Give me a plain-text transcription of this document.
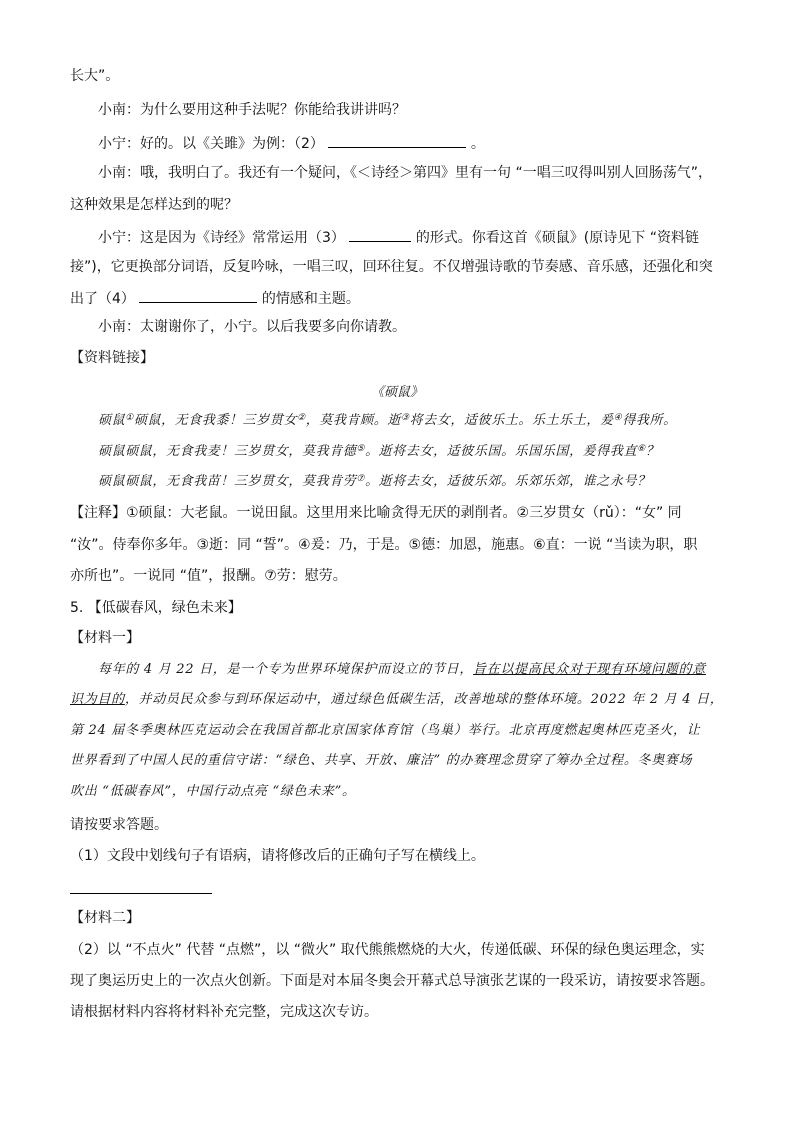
长大”。
小南：为什么要用这种手法呢？你能给我讲讲吗？
小宁：好的。以《关雎》为例：（2）	。
小南：哦，我明白了。我还有一个疑问，《＜诗经＞第四》里有一句 “一唱三叹得叫别人回肠荡气”，
这种效果是怎样达到的呢？
小宁：这是因为《诗经》常常运用（3）	的形式。你看这首《硕鼠》(原诗见下 “资料链
接”)，它更换部分词语，反复吟咏，一唱三叹，回环往复。不仅增强诗歌的节奏感、音乐感，还强化和突
出了（4）	的情感和主题。
小南：太谢谢你了，小宁。以后我要多向你请教。
【资料链接】
《硕鼠》
硕鼠①硕鼠，无食我黍！三岁贯女②，莫我肯顾。逝③将去女，适彼乐土。乐土乐土，爰④得我所。
硕鼠硕鼠，无食我麦！三岁贯女，莫我肯德⑤。逝将去女，适彼乐国。乐国乐国，爰得我直⑥？
硕鼠硕鼠，无食我苗！三岁贯女，莫我肯劳⑦。逝将去女，适彼乐郊。乐郊乐郊，谁之永号？
【注释】①硕鼠：大老鼠。一说田鼠。这里用来比喻贪得无厌的剥削者。②三岁贯女（rǔ）：“女” 同
“汝”。侍奉你多年。③逝：同 “誓”。④爰：乃，于是。⑤德：加恩，施惠。⑥直：一说 “当读为职，职
亦所也”。一说同 “值”，报酬。⑦劳：慰劳。
5. 【低碳春风，绿色未来】
【材料一】
每年的 4 月 22 日，是一个专为世界环境保护而设立的节日，旨在以提高民众对于现有环境问题的意
识为目的，并动员民众参与到环保运动中，通过绿色低碳生活，改善地球的整体环境。2022 年 2 月 4 日，
第 24 届冬季奥林匹克运动会在我国首都北京国家体育馆（鸟巢）举行。北京再度燃起奥林匹克圣火，让
世界看到了中国人民的重信守诺：“绿色、共享、开放、廉洁” 的办赛理念贯穿了筹办全过程。冬奥赛场
吹出 “低碳春风”，中国行动点亮 “绿色未来”。
请按要求答题。
（1）文段中划线句子有语病，请将修改后的正确句子写在横线上。
【材料二】
（2）以 “不点火” 代替 “点燃”，以 “微火” 取代熊熊燃烧的大火，传递低碳、环保的绿色奥运理念，实
现了奥运历史上的一次点火创新。下面是对本届冬奥会开幕式总导演张艺谋的一段采访，请按要求答题。
请根据材料内容将材料补充完整，完成这次专访。
